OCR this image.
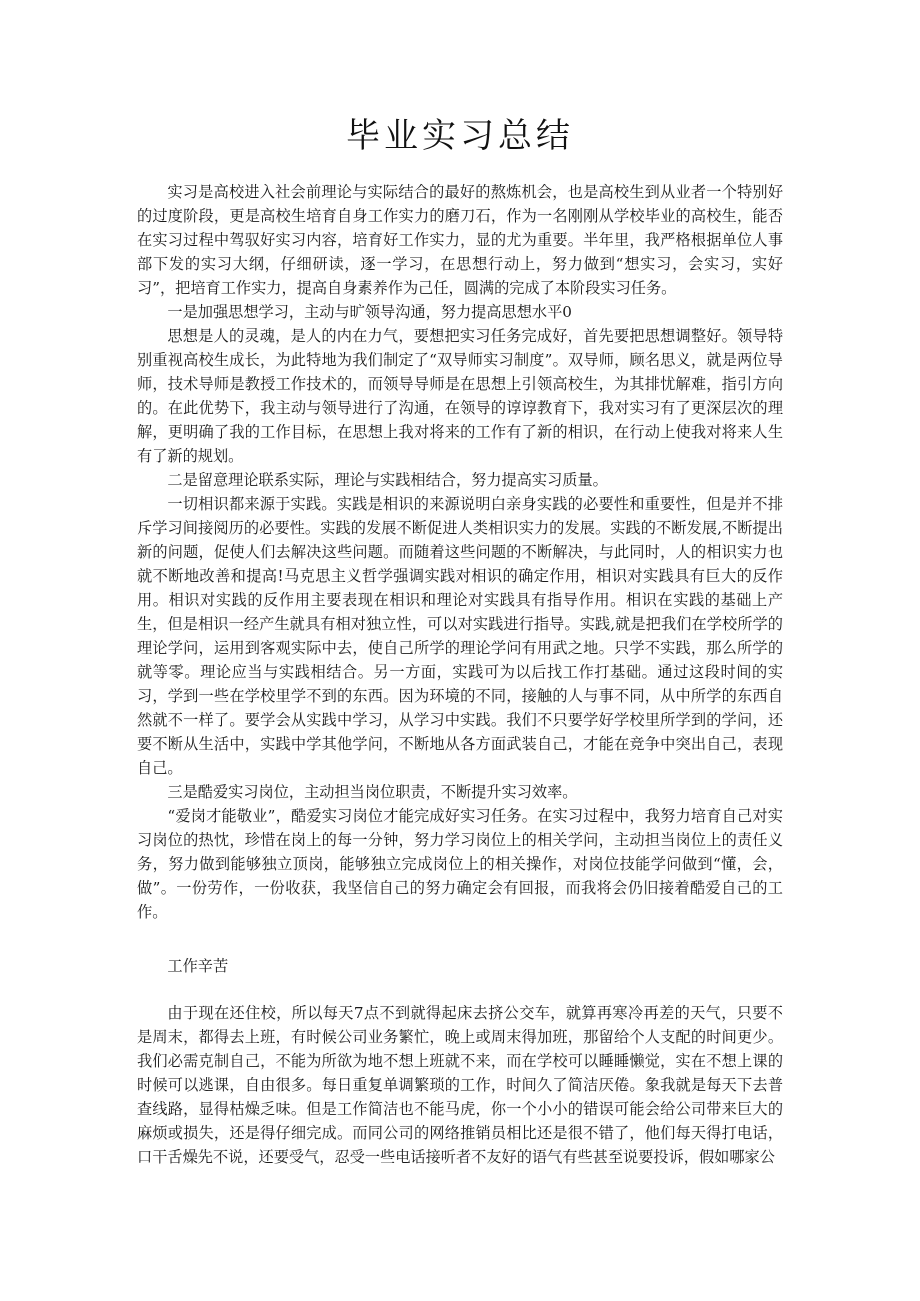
毕业实习总结

实习是高校进入社会前理论与实际结合的最好的熬炼机会，也是高校生到从业者一个特别好的过度阶段，更是高校生培育自身工作实力的磨刀石，作为一名刚刚从学校毕业的高校生，能否在实习过程中驾驭好实习内容，培育好工作实力，显的尤为重要。半年里，我严格根据单位人事部下发的实习大纲，仔细研读，逐一学习，在思想行动上，努力做到“想实习，会实习，实好习”，把培育工作实力，提高自身素养作为己任，圆满的完成了本阶段实习任务。

一是加强思想学习，主动与旷领导沟通，努力提高思想水平0

思想是人的灵魂，是人的内在力气，要想把实习任务完成好，首先要把思想调整好。领导特别重视高校生成长，为此特地为我们制定了“双导师实习制度”。双导师，顾名思义，就是两位导师，技术导师是教授工作技术的，而领导导师是在思想上引领高校生，为其排忧解难，指引方向的。在此优势下，我主动与领导进行了沟通，在领导的谆谆教育下，我对实习有了更深层次的理解，更明确了我的工作目标，在思想上我对将来的工作有了新的相识，在行动上使我对将来人生有了新的规划。

二是留意理论联系实际，理论与实践相结合，努力提高实习质量。

一切相识都来源于实践。实践是相识的来源说明白亲身实践的必要性和重要性，但是并不排斥学习间接阅历的必要性。实践的发展不断促进人类相识实力的发展。实践的不断发展,不断提出新的问题，促使人们去解决这些问题。而随着这些问题的不断解决，与此同时，人的相识实力也就不断地改善和提高!马克思主义哲学强调实践对相识的确定作用，相识对实践具有巨大的反作用。相识对实践的反作用主要表现在相识和理论对实践具有指导作用。相识在实践的基础上产生，但是相识一经产生就具有相对独立性，可以对实践进行指导。实践,就是把我们在学校所学的理论学问，运用到客观实际中去，使自己所学的理论学问有用武之地。只学不实践，那么所学的就等零。理论应当与实践相结合。另一方面，实践可为以后找工作打基础。通过这段时间的实习，学到一些在学校里学不到的东西。因为环境的不同，接触的人与事不同，从中所学的东西自然就不一样了。要学会从实践中学习，从学习中实践。我们不只要学好学校里所学到的学问，还要不断从生活中，实践中学其他学问，不断地从各方面武装自己，才能在竞争中突出自己，表现自己。

三是酷爱实习岗位，主动担当岗位职责，不断提升实习效率。

“爱岗才能敬业”，酷爱实习岗位才能完成好实习任务。在实习过程中，我努力培育自己对实习岗位的热忱，珍惜在岗上的每一分钟，努力学习岗位上的相关学问，主动担当岗位上的责任义务，努力做到能够独立顶岗，能够独立完成岗位上的相关操作，对岗位技能学问做到“懂，会，做”。一份劳作，一份收获，我坚信自己的努力确定会有回报，而我将会仍旧接着酷爱自己的工作。

工作辛苦

由于现在还住校，所以每天7点不到就得起床去挤公交车，就算再寒冷再差的天气，只要不是周末，都得去上班，有时候公司业务繁忙，晚上或周末得加班，那留给个人支配的时间更少。我们必需克制自己，不能为所欲为地不想上班就不来，而在学校可以睡睡懒觉，实在不想上课的时候可以逃课，自由很多。每日重复单调繁琐的工作，时间久了简洁厌倦。象我就是每天下去普查线路，显得枯燥乏味。但是工作简洁也不能马虎，你一个小小的错误可能会给公司带来巨大的麻烦或损失，还是得仔细完成。而同公司的网络推销员相比还是很不错了，他们每天得打电话，口干舌燥先不说，还要受气，忍受一些电话接听者不友好的语气有些甚至说要投诉，假如哪家公
